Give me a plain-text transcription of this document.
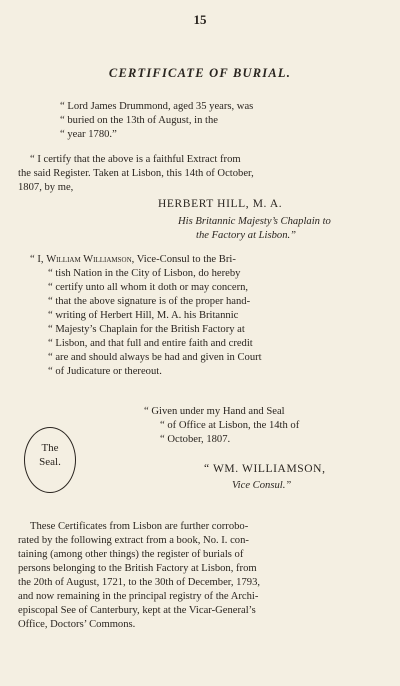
15
CERTIFICATE OF BURIAL.
“ Lord James Drummond, aged 35 years, was
“ buried on the 13th of August, in the
“ year 1780.”
“ I certify that the above is a faithful Extract from
the said Register. Taken at Lisbon, this 14th of October,
1807, by me,
HERBERT HILL, M. A.
His Britannic Majesty’s Chaplain to
the Factory at Lisbon.”
“ I, William Williamson, Vice-Consul to the Bri-
“ tish Nation in the City of Lisbon, do hereby
“ certify unto all whom it doth or may concern,
“ that the above signature is of the proper hand-
“ writing of Herbert Hill, M. A. his Britannic
“ Majesty’s Chaplain for the British Factory at
“ Lisbon, and that full and entire faith and credit
“ are and should always be had and given in Court
“ of Judicature or thereout.
“ Given under my Hand and Seal
“ of Office at Lisbon, the 14th of
“ October, 1807.
The
Seal.
“ WM. WILLIAMSON,
Vice Consul.”
These Certificates from Lisbon are further corrobo-
rated by the following extract from a book, No. I. con-
taining (among other things) the register of burials of
persons belonging to the British Factory at Lisbon, from
the 20th of August, 1721, to the 30th of December, 1793,
and now remaining in the principal registry of the Archi-
episcopal See of Canterbury, kept at the Vicar-General’s
Office, Doctors’ Commons.
